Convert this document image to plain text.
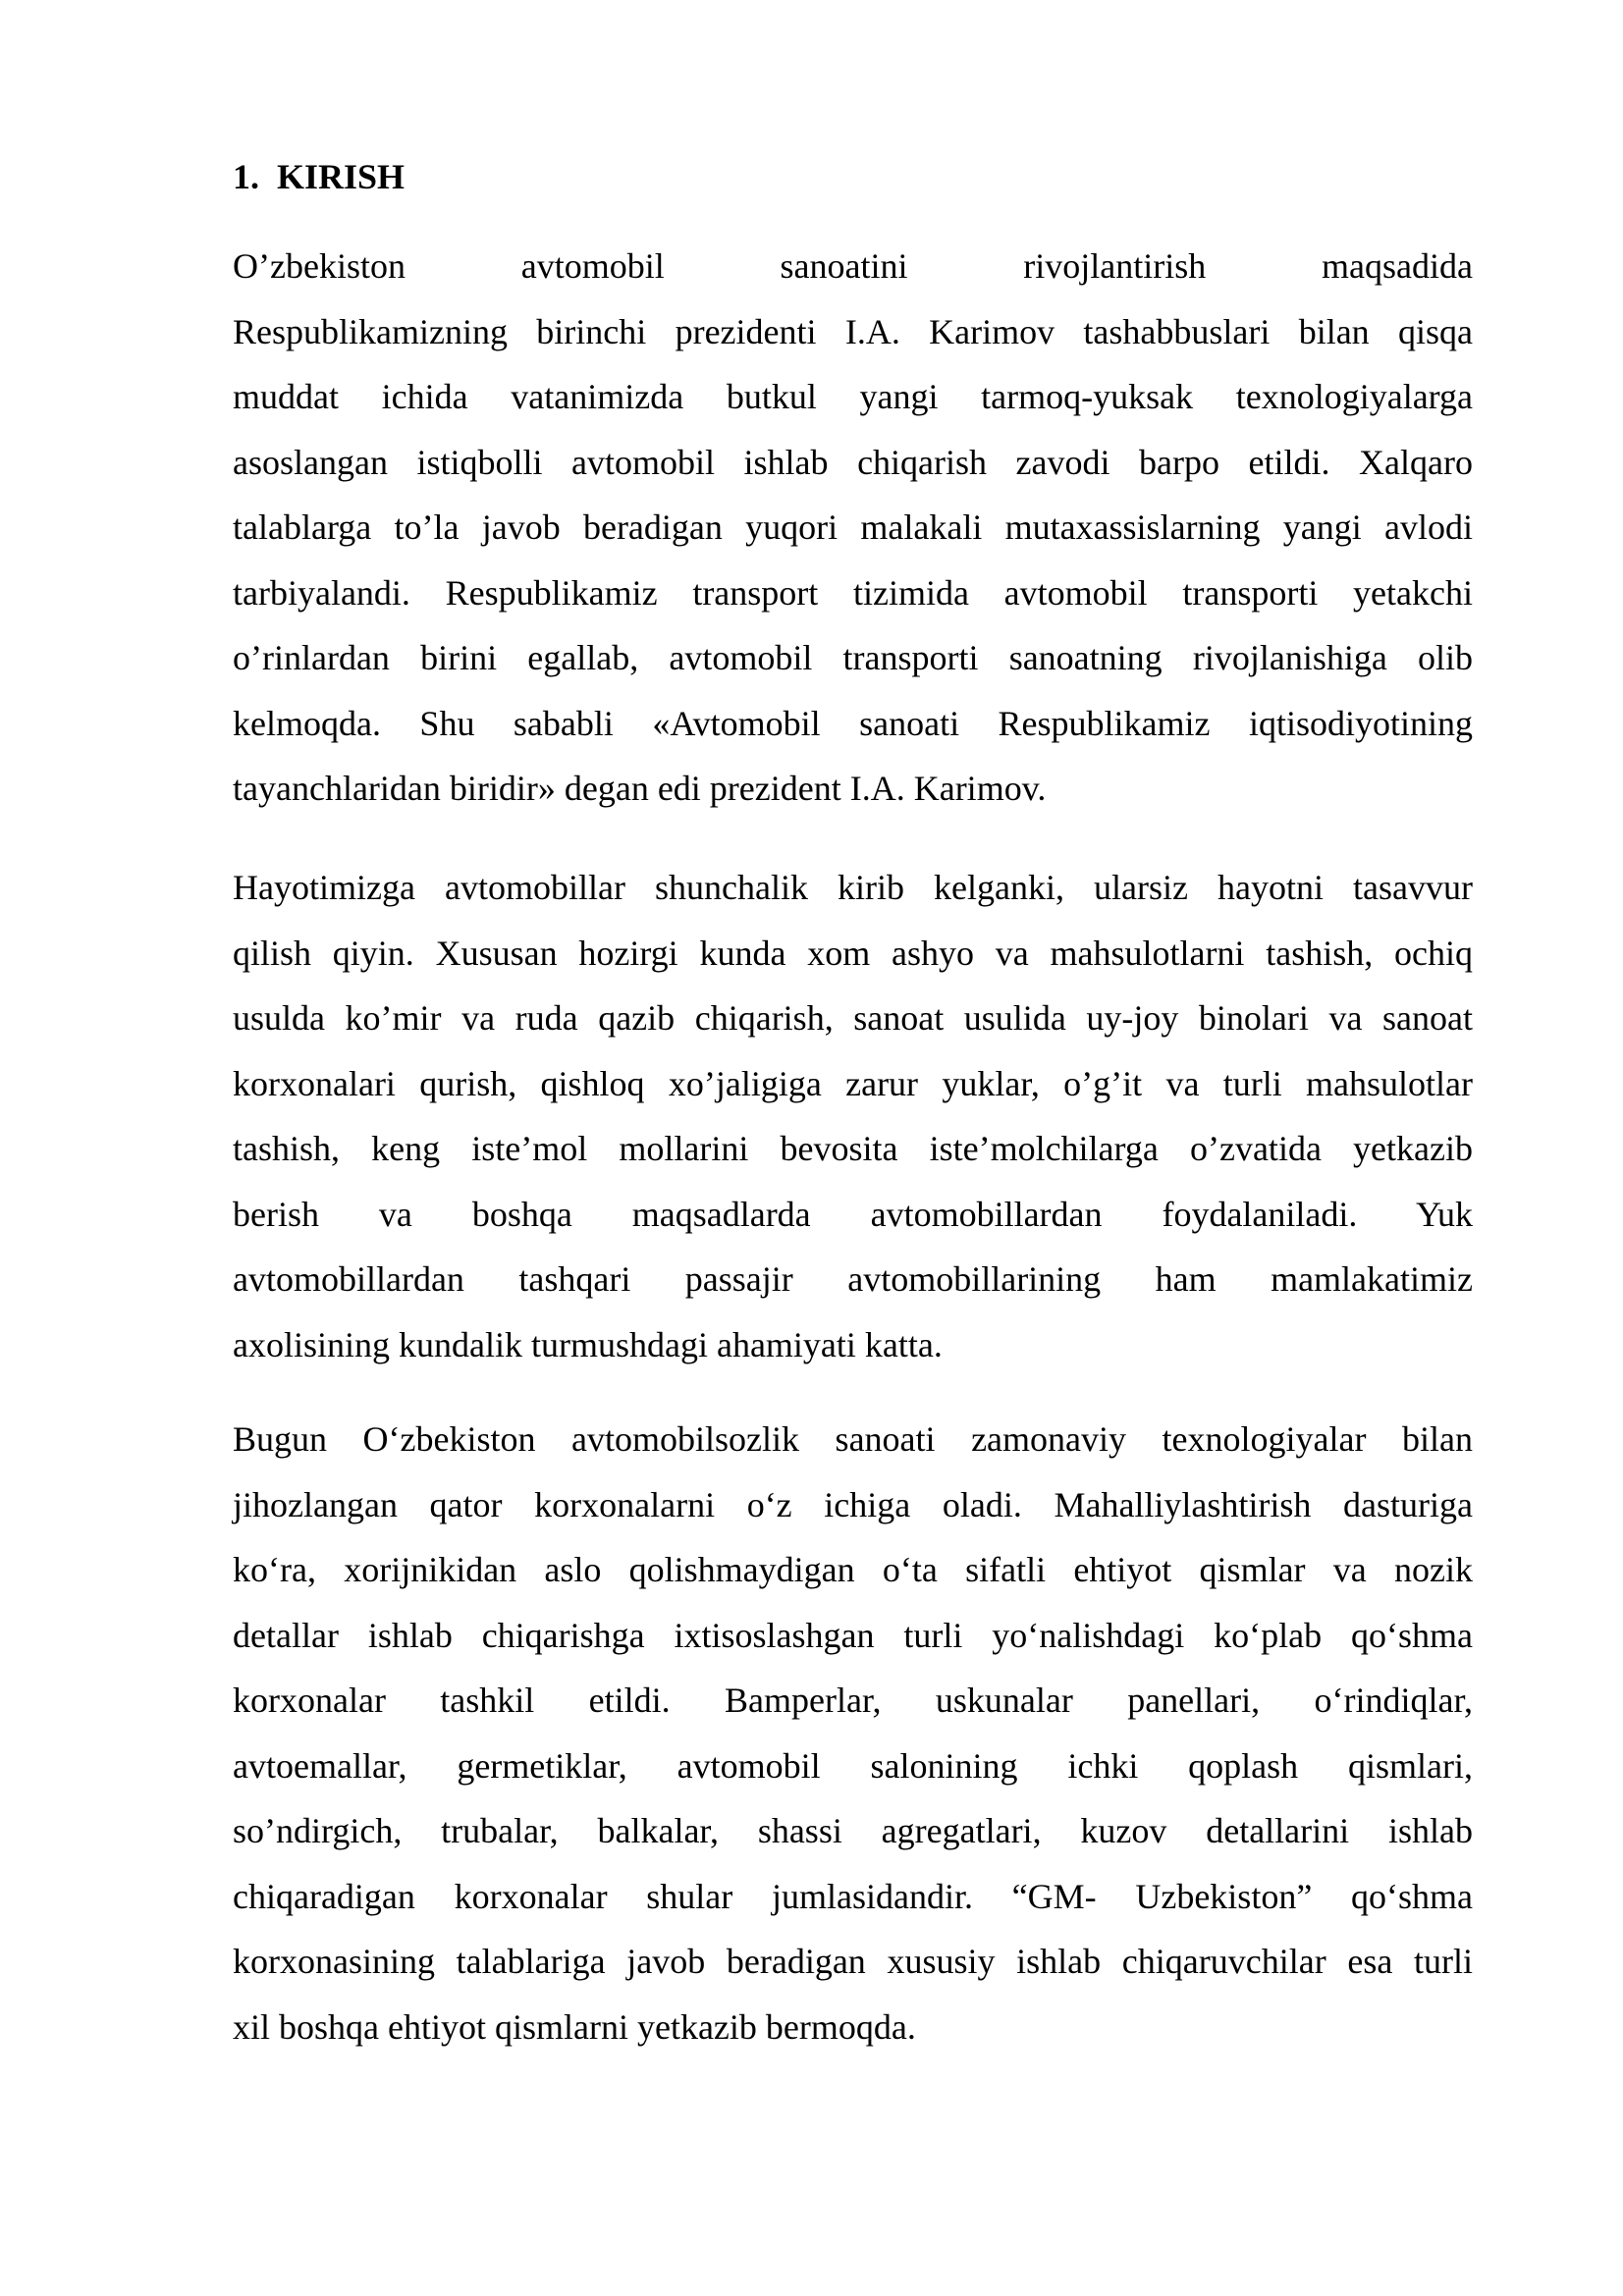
1.  KIRISH

O’zbekiston avtomobil sanoatini rivojlantirish maqsadida
Respublikamizning birinchi prezidenti I.A. Karimov tashabbuslari bilan qisqa
muddat ichida vatanimizda butkul yangi tarmoq-yuksak texnologiyalarga
asoslangan istiqbolli avtomobil ishlab chiqarish zavodi barpo etildi. Xalqaro
talablarga to’la javob beradigan yuqori malakali mutaxassislarning yangi avlodi
tarbiyalandi. Respublikamiz transport tizimida avtomobil transporti yetakchi
o’rinlardan birini egallab, avtomobil transporti sanoatning rivojlanishiga olib
kelmoqda. Shu sababli «Avtomobil sanoati Respublikamiz iqtisodiyotining
tayanchlaridan biridir» degan edi prezident I.A. Karimov.

Hayotimizga avtomobillar shunchalik kirib kelganki, ularsiz hayotni tasavvur
qilish qiyin. Xususan hozirgi kunda xom ashyo va mahsulotlarni tashish, ochiq
usulda ko’mir va ruda qazib chiqarish, sanoat usulida uy-joy binolari va sanoat
korxonalari qurish, qishloq xo’jaligiga zarur yuklar, o’g’it va turli mahsulotlar
tashish, keng iste’mol mollarini bevosita iste’molchilarga o’zvatida yetkazib
berish va boshqa maqsadlarda avtomobillardan foydalaniladi. Yuk
avtomobillardan tashqari passajir avtomobillarining ham mamlakatimiz
axolisining kundalik turmushdagi ahamiyati katta.

Bugun O‘zbekiston avtomobilsozlik sanoati zamonaviy texnologiyalar bilan
jihozlangan qator korxonalarni o‘z ichiga oladi. Mahalliylashtirish dasturiga
ko‘ra, xorijnikidan aslo qolishmaydigan o‘ta sifatli ehtiyot qismlar va nozik
detallar ishlab chiqarishga ixtisoslashgan turli yo‘nalishdagi ko‘plab qo‘shma
korxonalar tashkil etildi. Bamperlar, uskunalar panellari, o‘rindiqlar,
avtoemallar, germetiklar, avtomobil salonining ichki qoplash qismlari,
so’ndirgich, trubalar, balkalar, shassi agregatlari, kuzov detallarini ishlab
chiqaradigan korxonalar shular jumlasidandir. “GM- Uzbekiston” qo‘shma
korxonasining talablariga javob beradigan xususiy ishlab chiqaruvchilar esa turli
xil boshqa ehtiyot qismlarni yetkazib bermoqda.
